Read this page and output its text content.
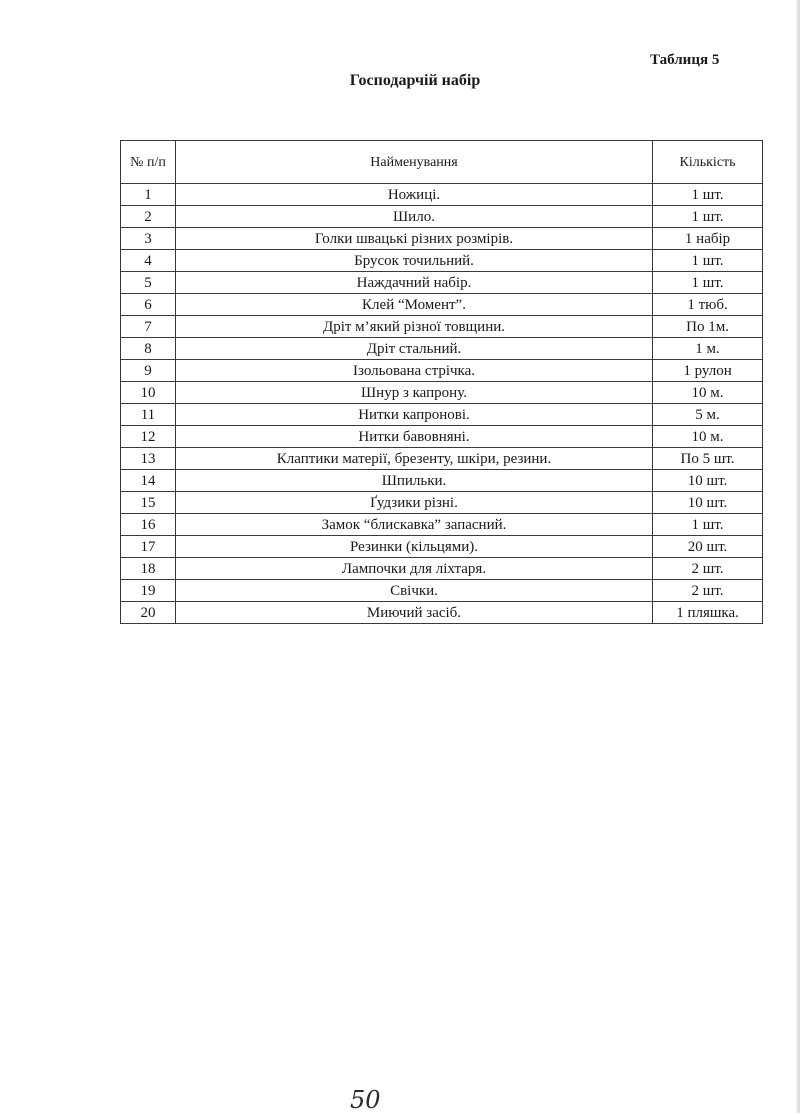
Таблиця 5
Господарчій набір
№ п/п	Найменування	Кількість
1	Ножиці.	1 шт.
2	Шило.	1 шт.
3	Голки швацькі різних розмірів.	1 набір
4	Брусок точильний.	1 шт.
5	Наждачний набір.	1 шт.
6	Клей “Момент”.	1 тюб.
7	Дріт м’який різної товщини.	По 1м.
8	Дріт стальний.	1 м.
9	Ізольована стрічка.	1 рулон
10	Шнур з капрону.	10 м.
11	Нитки капронові.	5 м.
12	Нитки бавовняні.	10 м.
13	Клаптики матерії, брезенту, шкіри, резини.	По 5 шт.
14	Шпильки.	10 шт.
15	Ґудзики різні.	10 шт.
16	Замок “блискавка” запасний.	1 шт.
17	Резинки (кільцями).	20 шт.
18	Лампочки для ліхтаря.	2 шт.
19	Свічки.	2 шт.
20	Миючий засіб.	1 пляшка.
50
